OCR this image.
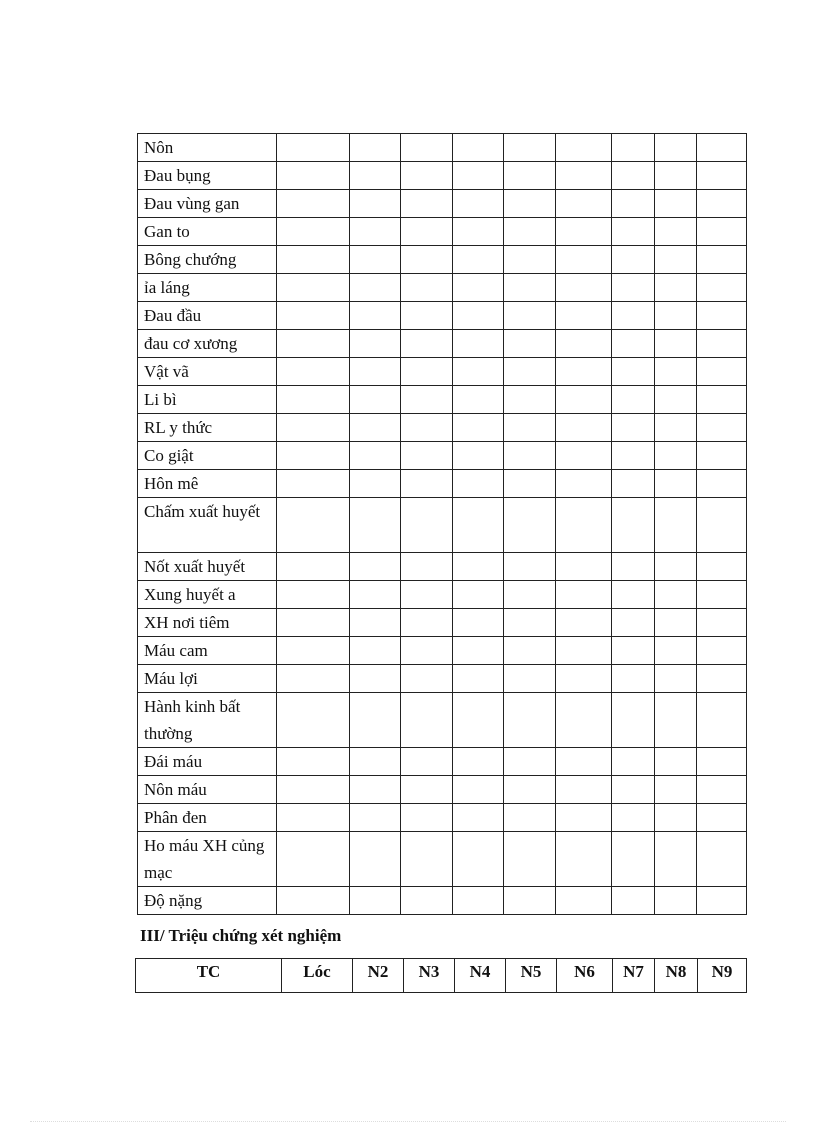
Nôn									
Đau bụng									
Đau vùng gan									
Gan to									
Bông chướng									
ỉa láng									
Đau đầu									
đau cơ xương									
Vật vã									
Li bì									
RL y thức									
Co giật									
Hôn mê									
Chấm xuất huyết									
Nốt xuất huyết									
Xung huyết a									
XH nơi tiêm									
Máu cam									
Máu lợi									
Hành kinh bất thường									
Đái máu									
Nôn máu									
Phân đen									
Ho máu XH củng mạc									
Độ nặng									

III/ Triệu chứng xét nghiệm

TC	Lóc	N2	N3	N4	N5	N6	N7	N8	N9
